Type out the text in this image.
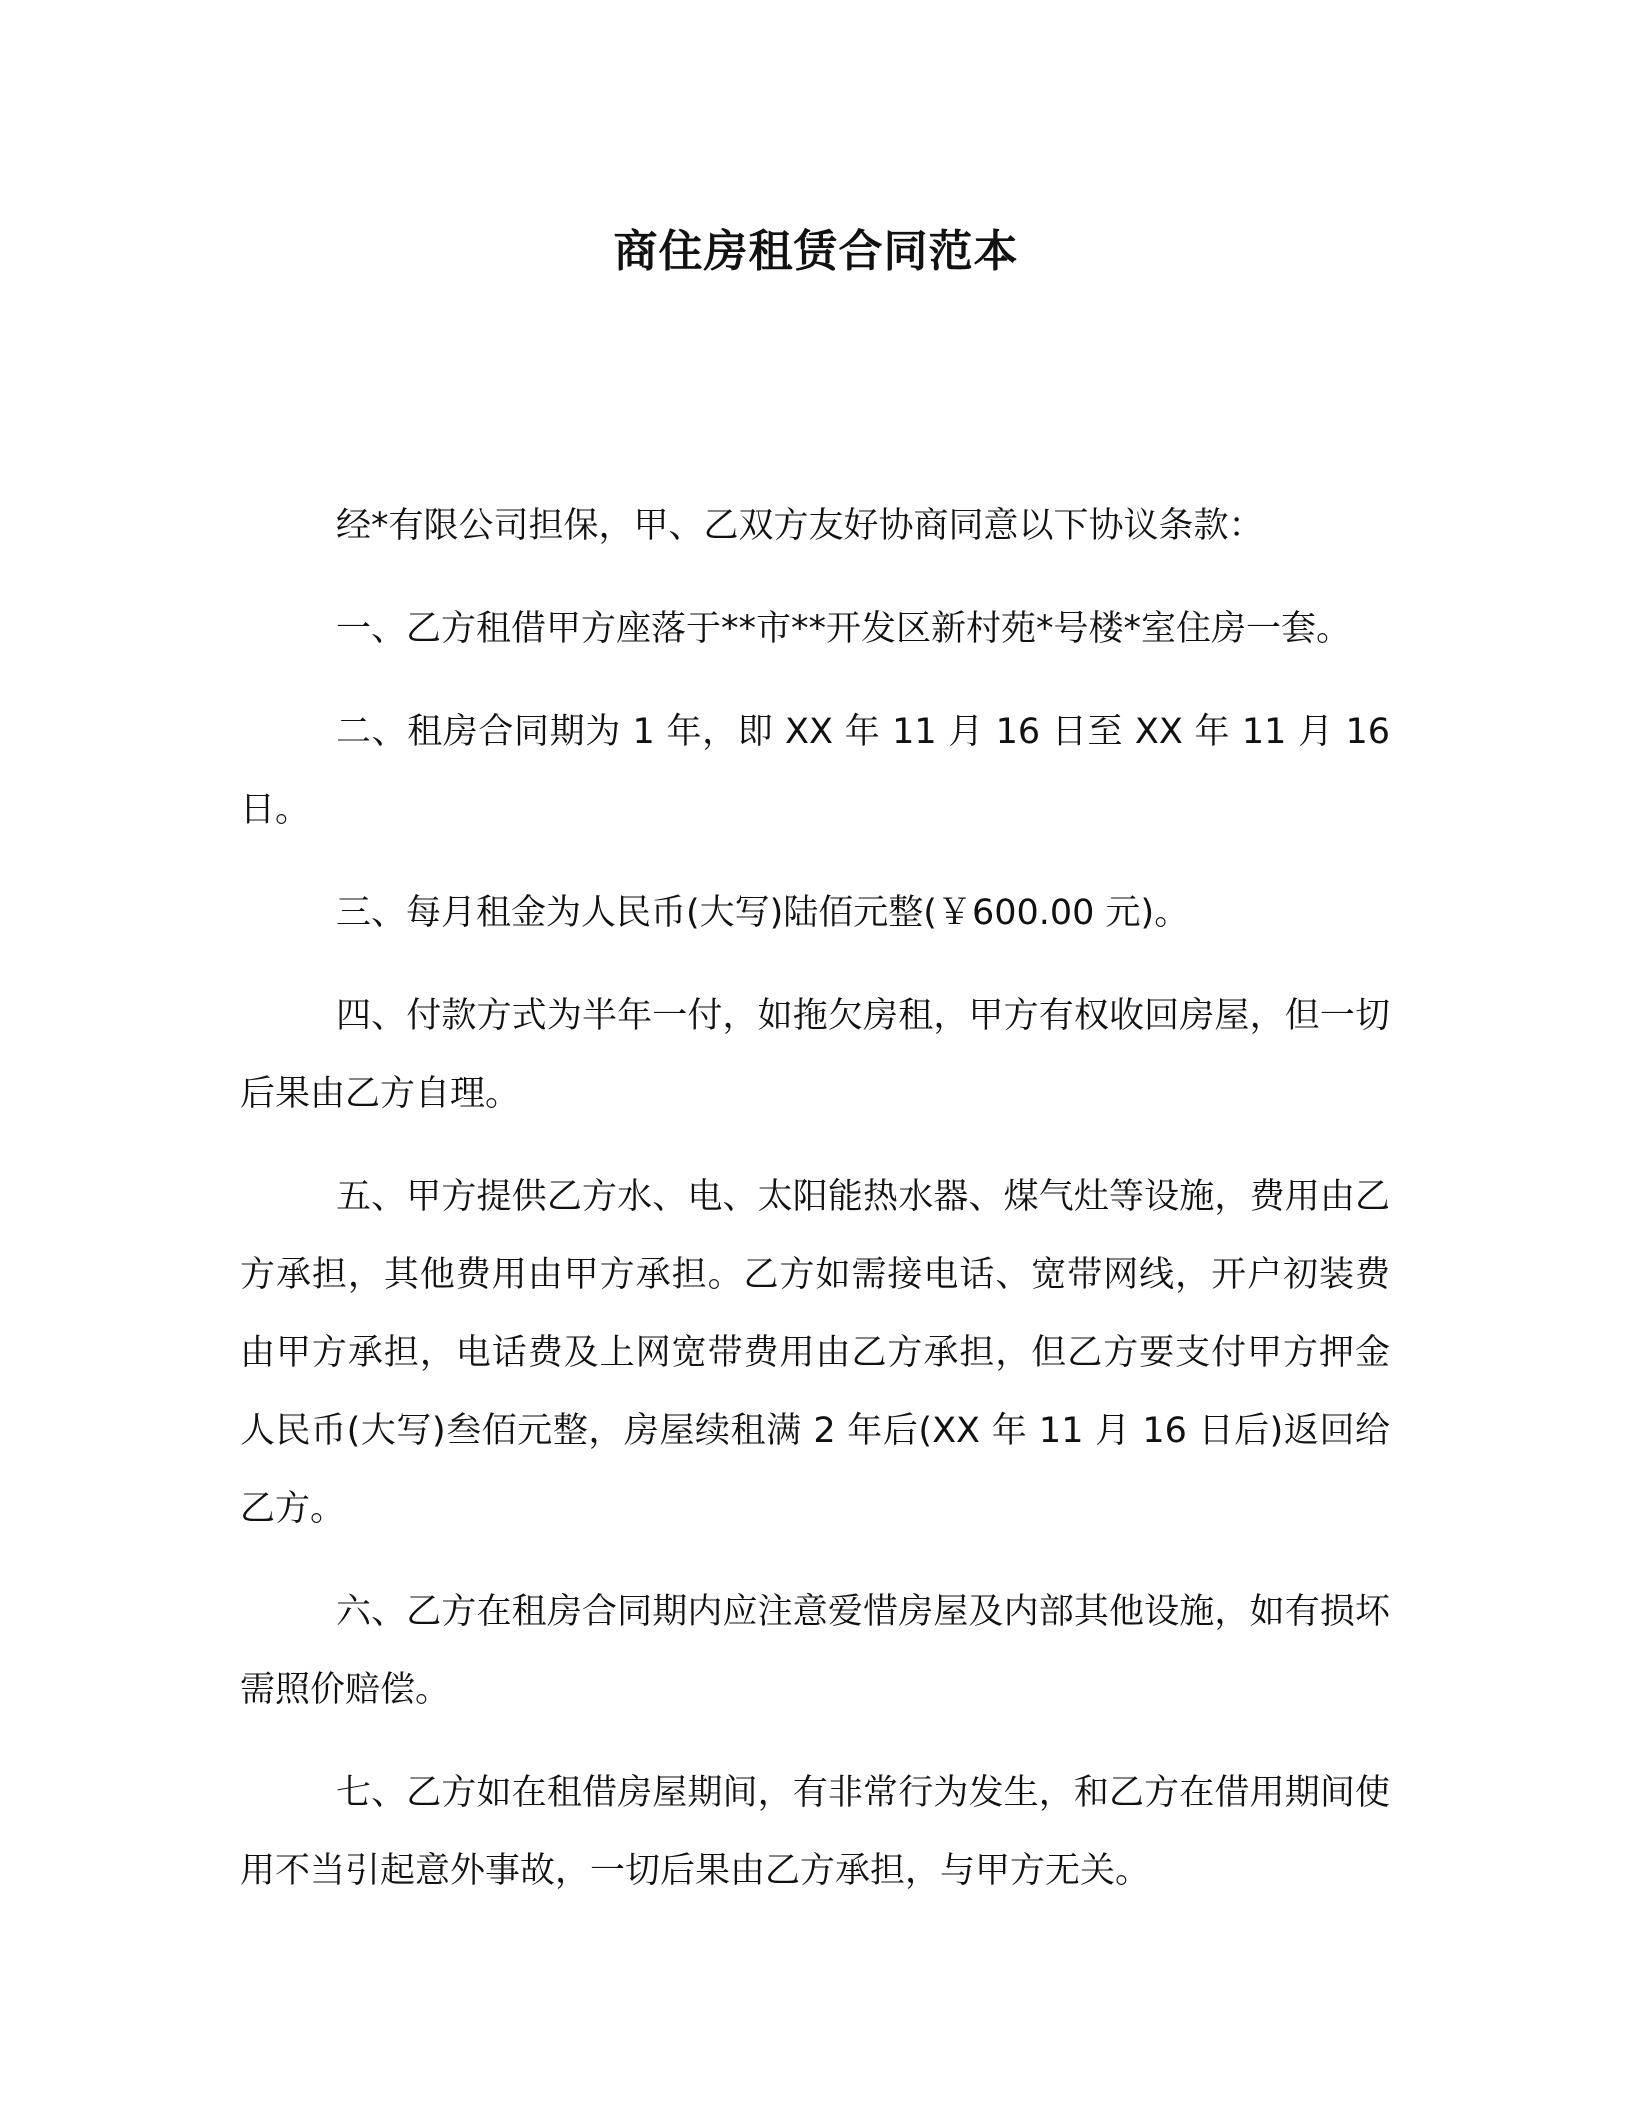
商住房租赁合同范本

经*有限公司担保，甲、乙双方友好协商同意以下协议条款：

一、乙方租借甲方座落于**市**开发区新村苑*号楼*室住房一套。

二、租房合同期为 1 年，即 XX 年 11 月 16 日至 XX 年 11 月 16 日。

三、每月租金为人民币(大写)陆佰元整(￥600.00 元)。

四、付款方式为半年一付，如拖欠房租，甲方有权收回房屋，但一切后果由乙方自理。

五、甲方提供乙方水、电、太阳能热水器、煤气灶等设施，费用由乙方承担，其他费用由甲方承担。乙方如需接电话、宽带网线，开户初装费由甲方承担，电话费及上网宽带费用由乙方承担，但乙方要支付甲方押金人民币(大写)叁佰元整，房屋续租满 2 年后(XX 年 11 月 16 日后)返回给乙方。

六、乙方在租房合同期内应注意爱惜房屋及内部其他设施，如有损坏需照价赔偿。

七、乙方如在租借房屋期间，有非常行为发生，和乙方在借用期间使用不当引起意外事故，一切后果由乙方承担，与甲方无关。
